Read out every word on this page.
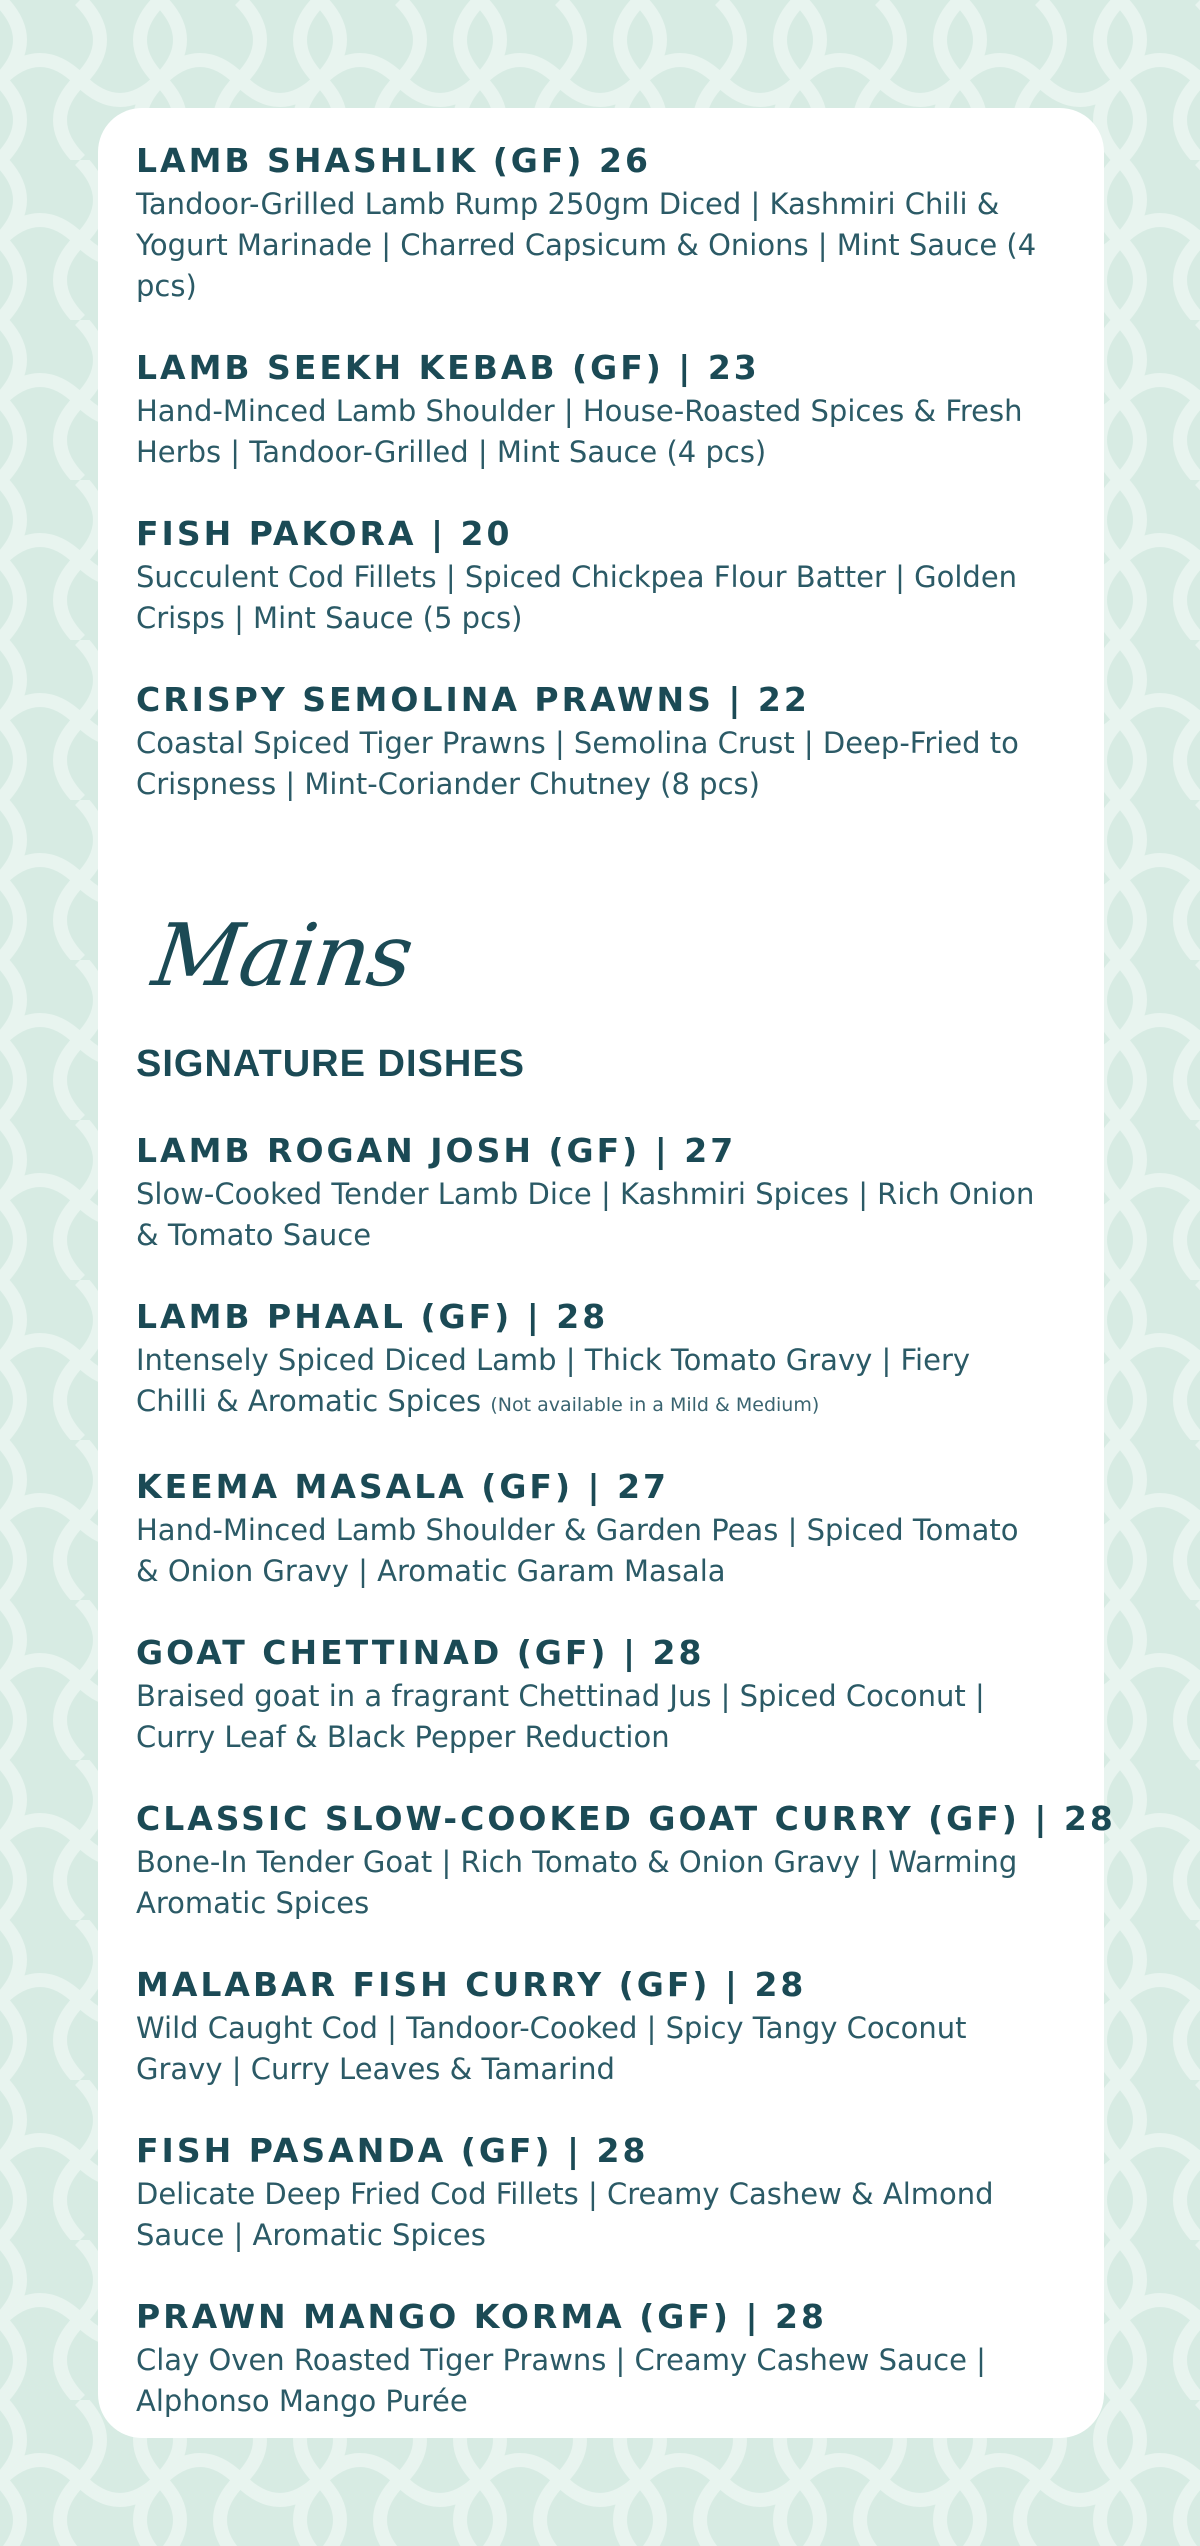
LAMB SHASHLIK (GF) 26
Tandoor-Grilled Lamb Rump 250gm Diced | Kashmiri Chili & Yogurt Marinade | Charred Capsicum & Onions | Mint Sauce (4 pcs)
LAMB SEEKH KEBAB (GF) | 23
Hand-Minced Lamb Shoulder | House-Roasted Spices & Fresh Herbs | Tandoor-Grilled | Mint Sauce (4 pcs)
FISH PAKORA | 20
Succulent Cod Fillets | Spiced Chickpea Flour Batter | Golden Crisps | Mint Sauce (5 pcs)
CRISPY SEMOLINA PRAWNS | 22
Coastal Spiced Tiger Prawns | Semolina Crust | Deep-Fried to Crispness | Mint-Coriander Chutney (8 pcs)
Mains
SIGNATURE DISHES
LAMB ROGAN JOSH (GF) | 27
Slow-Cooked Tender Lamb Dice | Kashmiri Spices | Rich Onion & Tomato Sauce
LAMB PHAAL (GF) | 28
Intensely Spiced Diced Lamb | Thick Tomato Gravy | Fiery Chilli & Aromatic Spices (Not available in a Mild & Medium)
KEEMA MASALA (GF) | 27
Hand-Minced Lamb Shoulder & Garden Peas | Spiced Tomato & Onion Gravy | Aromatic Garam Masala
GOAT CHETTINAD (GF) | 28
Braised goat in a fragrant Chettinad Jus | Spiced Coconut | Curry Leaf & Black Pepper Reduction
CLASSIC SLOW-COOKED GOAT CURRY (GF) | 28
Bone-In Tender Goat | Rich Tomato & Onion Gravy | Warming Aromatic Spices
MALABAR FISH CURRY (GF) | 28
Wild Caught Cod | Tandoor-Cooked | Spicy Tangy Coconut Gravy | Curry Leaves & Tamarind
FISH PASANDA (GF) | 28
Delicate Deep Fried Cod Fillets | Creamy Cashew & Almond Sauce | Aromatic Spices
PRAWN MANGO KORMA (GF) | 28
Clay Oven Roasted Tiger Prawns | Creamy Cashew Sauce | Alphonso Mango Purée
